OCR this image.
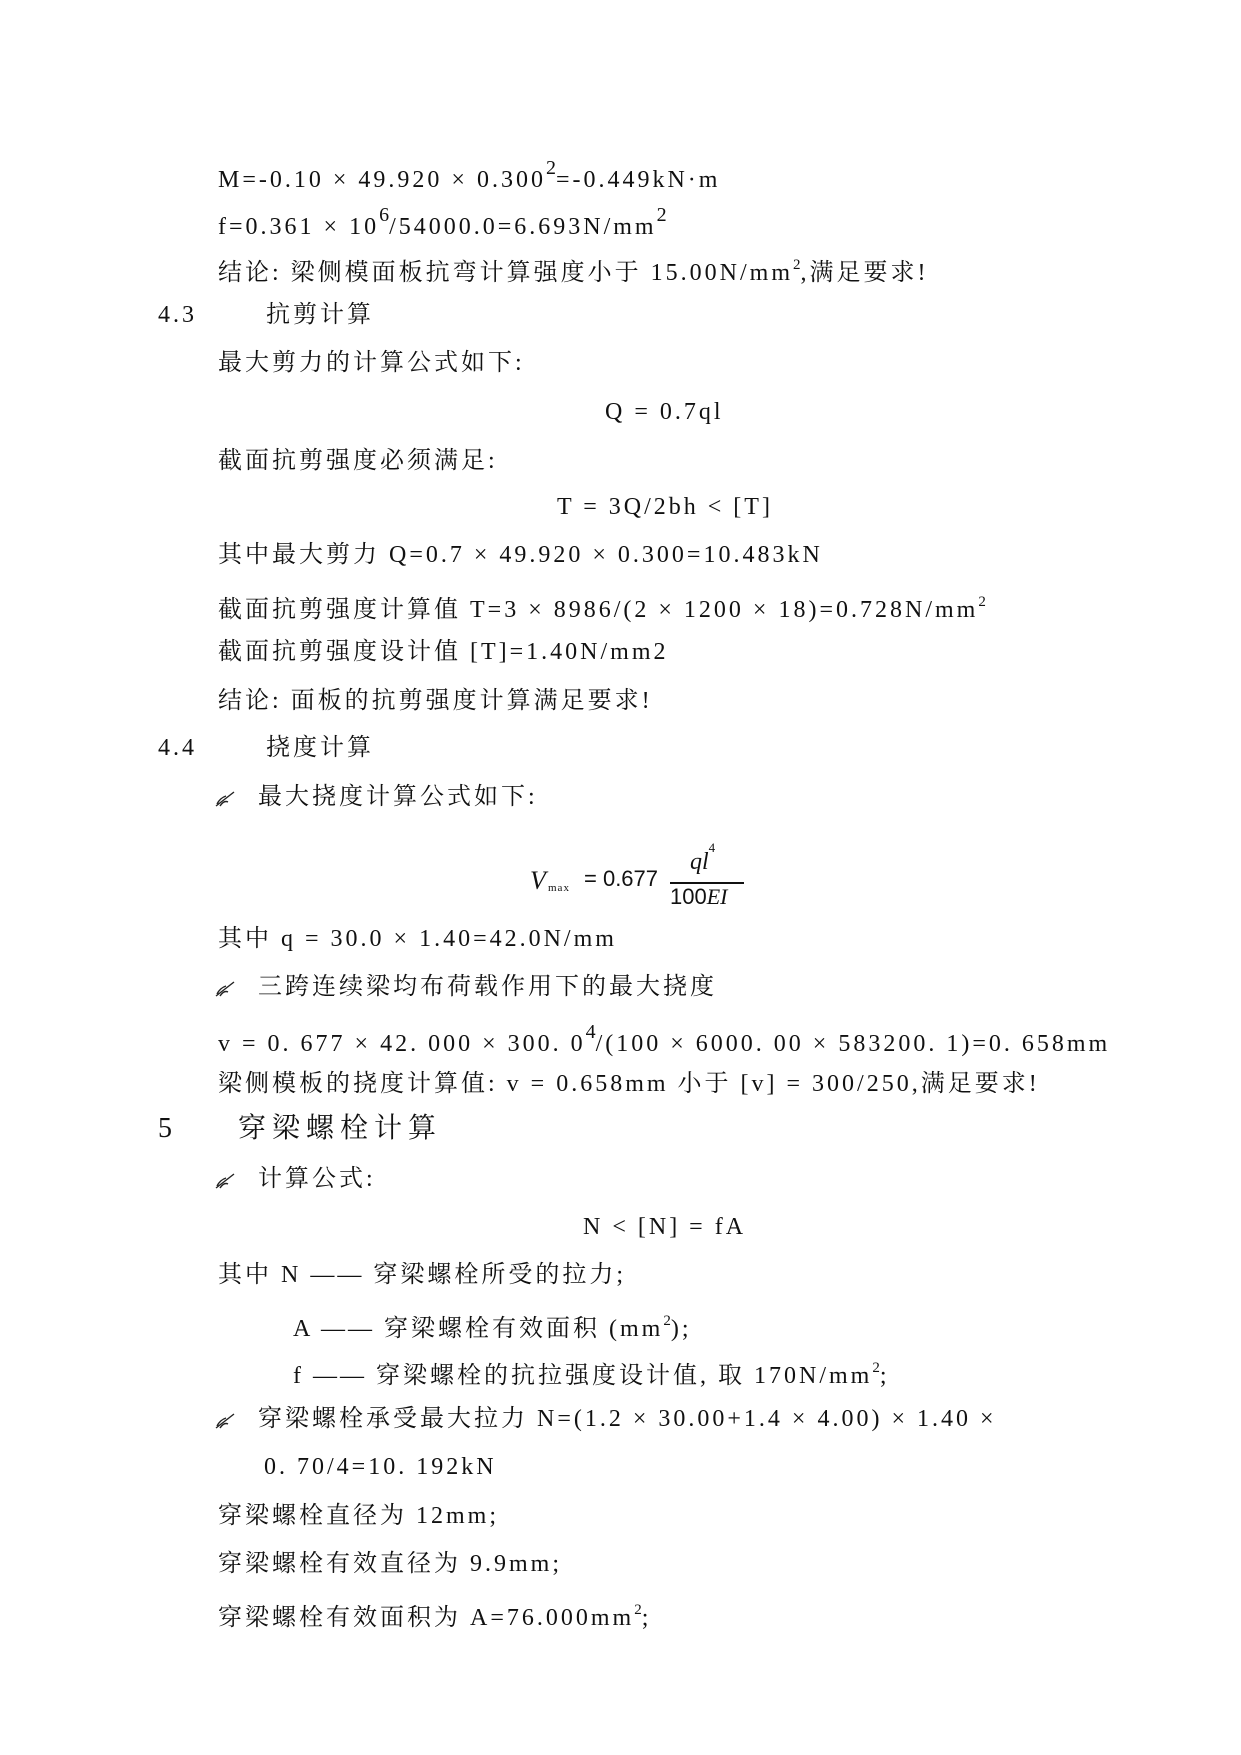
$M=-0.10 \times 49.920 \times 0.300^2=-0.449kN\cdot m$
$f=0.361 \times 10^6/54000.0=6.693N/mm^2$
结论: 梁侧模面板抗弯计算强度小于 $15.00N/mm^2$,满足要求!
4.3	抗剪计算
最大剪力的计算公式如下:
Q = 0.7ql
截面抗剪强度必须满足:
T = 3Q/2bh < [T]
其中最大剪力 Q=0.7 × 49.920 × 0.300=10.483kN
截面抗剪强度计算值 $T=3 \times 8986/(2 \times 1200 \times 18)=0.728N/mm^2$
截面抗剪强度设计值 [T]=1.40N/mm2
结论: 面板的抗剪强度计算满足要求!
4.4	挠度计算
最大挠度计算公式如下:
V max = 0.677
$ql^4$
100EI
其中 q = 30.0 × 1.40=42.0N/mm
三跨连续梁均布荷载作用下的最大挠度
v = 0. 677 × 42. 000 × 300. $0^4/(100 \times 6000$. 00 × 583200. 1)=0. 658mm
梁侧模板的挠度计算值: v = 0.658mm 小于 [v] = 300/250,满足要求!
5 穿梁螺栓计算
计算公式:
N < [N] = fA
其中 N —— 穿梁螺栓所受的拉力;
A —— 穿梁螺栓有效面积 $(mm^2)$;
f —— 穿梁螺栓的抗拉强度设计值, 取 $170N/mm^2$;
穿梁螺栓承受最大拉力 N=(1.2 × 30.00+1.4 × 4.00) × 1.40 ×
0. 70/4=10. 192kN
穿梁螺栓直径为 12mm;
穿梁螺栓有效直径为 9.9mm;
穿梁螺栓有效面积为 $A=76.000mm^2$;
